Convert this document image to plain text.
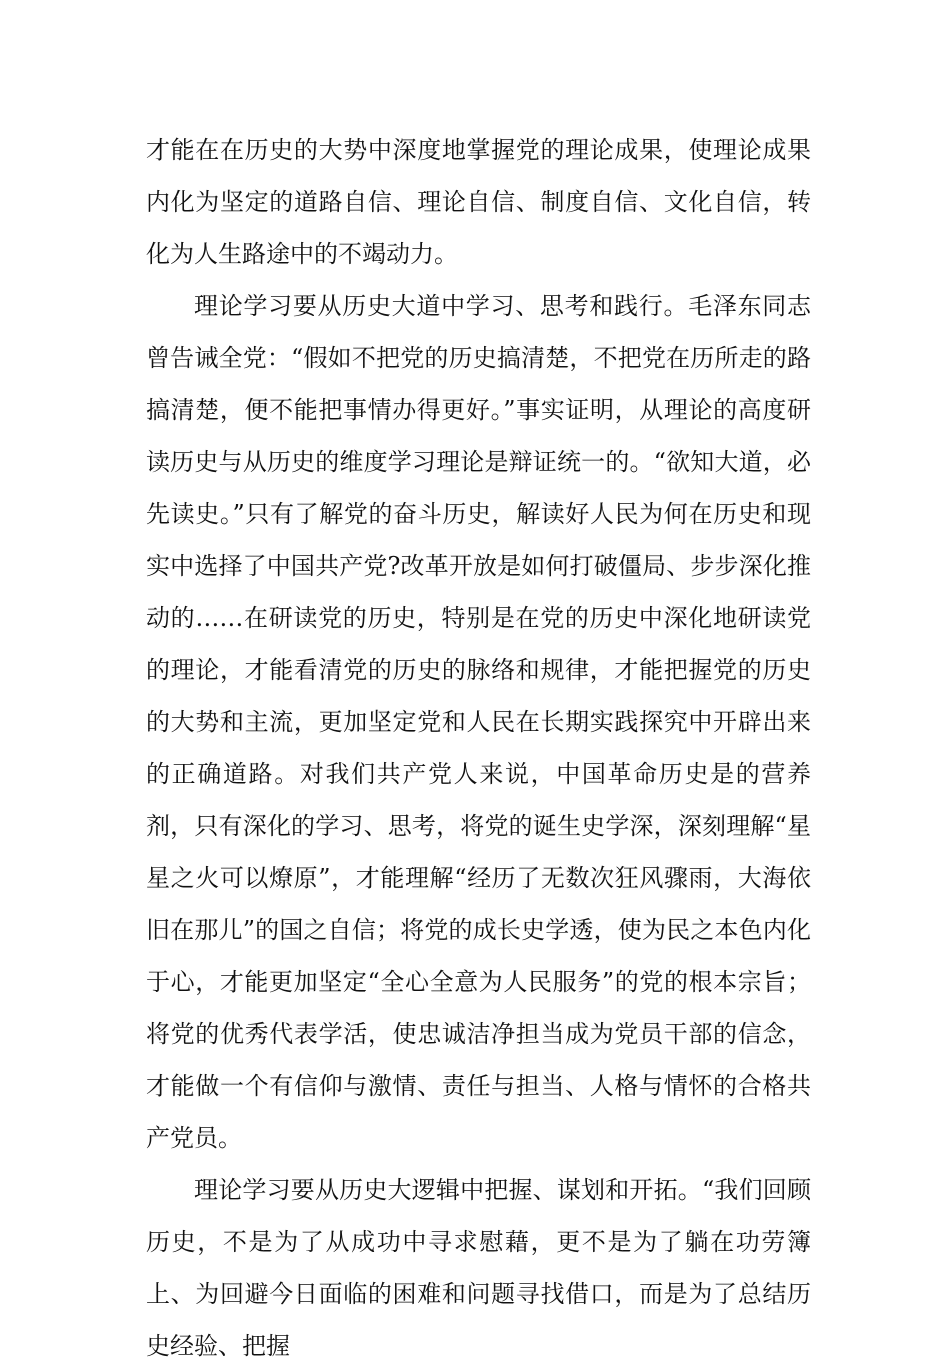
才能在在历史的大势中深度地掌握党的理论成果，使理论成果内化为坚定的道路自信、理论自信、制度自信、文化自信，转化为人生路途中的不竭动力。

理论学习要从历史大道中学习、思考和践行。毛泽东同志曾告诫全党：“假如不把党的历史搞清楚，不把党在历所走的路搞清楚，便不能把事情办得更好。”事实证明，从理论的高度研读历史与从历史的维度学习理论是辩证统一的。“欲知大道，必先读史。”只有了解党的奋斗历史，解读好人民为何在历史和现实中选择了中国共产党?改革开放是如何打破僵局、步步深化推动的……在研读党的历史，特别是在党的历史中深化地研读党的理论，才能看清党的历史的脉络和规律，才能把握党的历史的大势和主流，更加坚定党和人民在长期实践探究中开辟出来的正确道路。对我们共产党人来说，中国革命历史是的营养剂，只有深化的学习、思考，将党的诞生史学深，深刻理解“星星之火可以燎原”，才能理解“经历了无数次狂风骤雨，大海依旧在那儿”的国之自信；将党的成长史学透，使为民之本色内化于心，才能更加坚定“全心全意为人民服务”的党的根本宗旨；将党的优秀代表学活，使忠诚洁净担当成为党员干部的信念，才能做一个有信仰与激情、责任与担当、人格与情怀的合格共产党员。

理论学习要从历史大逻辑中把握、谋划和开拓。“我们回顾历史，不是为了从成功中寻求慰藉，更不是为了躺在功劳簿上、为回避今日面临的困难和问题寻找借口，而是为了总结历史经验、把握
